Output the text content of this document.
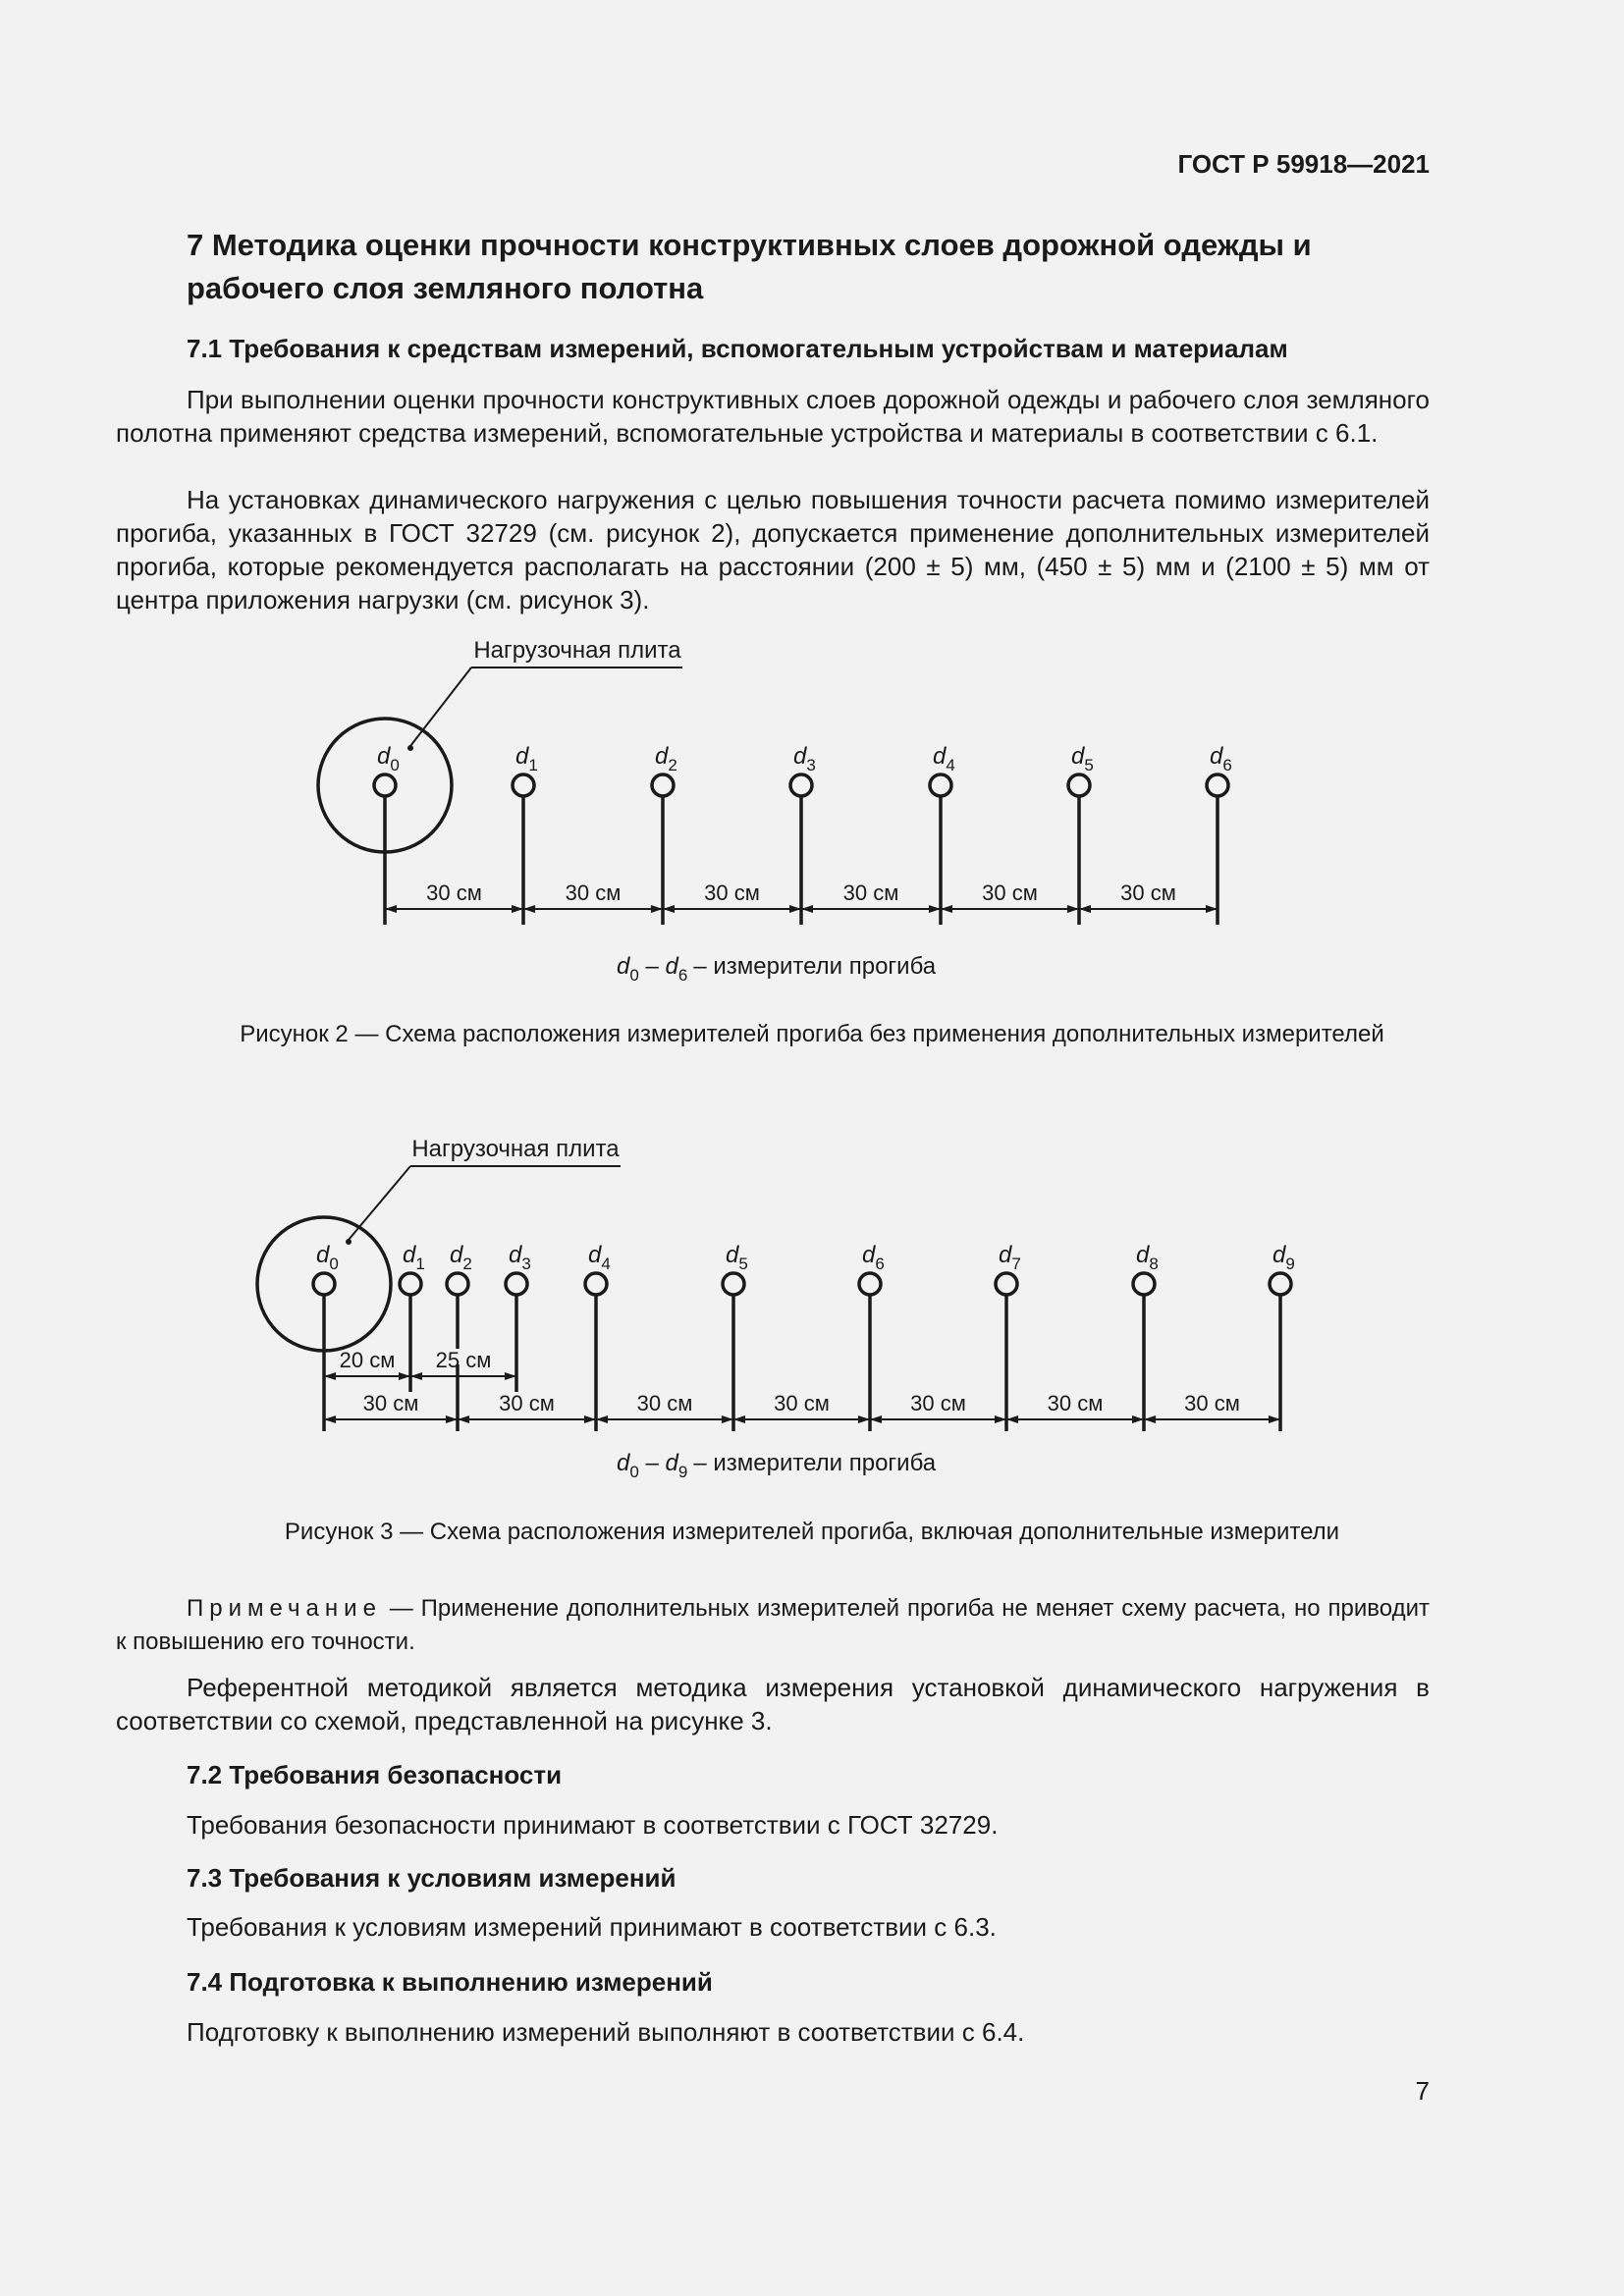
ГОСТ Р 59918—2021
7 Методика оценки прочности конструктивных слоев дорожной одежды и рабочего слоя земляного полотна
7.1 Требования к средствам измерений, вспомогательным устройствам и материалам
При выполнении оценки прочности конструктивных слоев дорожной одежды и рабочего слоя земляного полотна применяют средства измерений, вспомогательные устройства и материалы в соответствии с 6.1.
На установках динамического нагружения с целью повышения точности расчета помимо измерителей прогиба, указанных в ГОСТ 32729 (см. рисунок 2), допускается применение дополнительных измерителей прогиба, которые рекомендуется располагать на расстоянии (200 ± 5) мм, (450 ± 5) мм и (2100 ± 5) мм от центра приложения нагрузки (см. рисунок 3).
Нагрузочная плита
$d_0$	$d_1$	$d_2$	$d_3$	$d_4$	$d_5$	$d_6$
30 см	30 см	30 см	30 см	30 см	30 см
$d_0 - d_6$ – измерители прогиба
Рисунок 2 — Схема расположения измерителей прогиба без применения дополнительных измерителей
Нагрузочная плита
$d_0$	$d_1$ $d_2$ $d_3$ $d_4$	$d_5$	$d_6$	$d_7$	$d_8$	$d_9$
20 см 25 см
30 см	30 см	30 см	30 см	30 см	30 см	30 см
$d_0 - d_9$ – измерители прогиба
Рисунок 3 — Схема расположения измерителей прогиба, включая дополнительные измерители
Примечание — Применение дополнительных измерителей прогиба не меняет схему расчета, но приводит к повышению его точности.
Референтной методикой является методика измерения установкой динамического нагружения в соответствии со схемой, представленной на рисунке 3.
7.2 Требования безопасности
Требования безопасности принимают в соответствии с ГОСТ 32729.
7.3 Требования к условиям измерений
Требования к условиям измерений принимают в соответствии с 6.3.
7.4 Подготовка к выполнению измерений
Подготовку к выполнению измерений выполняют в соответствии с 6.4.
7
